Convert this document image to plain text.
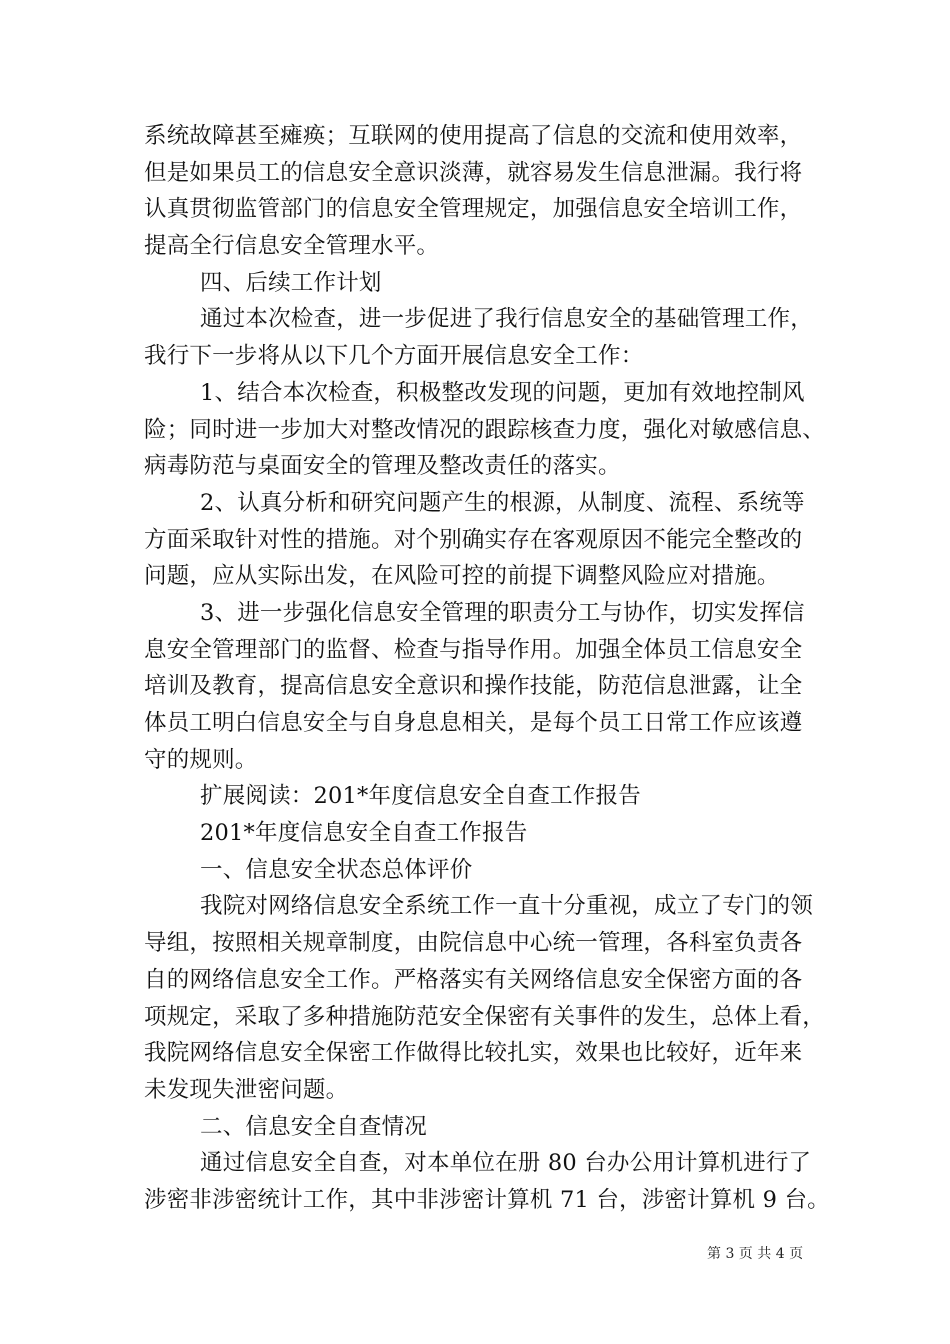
系统故障甚至瘫痪；互联网的使用提高了信息的交流和使用效率，
但是如果员工的信息安全意识淡薄，就容易发生信息泄漏。我行将
认真贯彻监管部门的信息安全管理规定，加强信息安全培训工作，
提高全行信息安全管理水平。
四、后续工作计划
通过本次检查，进一步促进了我行信息安全的基础管理工作，
我行下一步将从以下几个方面开展信息安全工作：
1、结合本次检查，积极整改发现的问题，更加有效地控制风
险；同时进一步加大对整改情况的跟踪核查力度，强化对敏感信息、
病毒防范与桌面安全的管理及整改责任的落实。
2、认真分析和研究问题产生的根源，从制度、流程、系统等
方面采取针对性的措施。对个别确实存在客观原因不能完全整改的
问题，应从实际出发，在风险可控的前提下调整风险应对措施。
3、进一步强化信息安全管理的职责分工与协作，切实发挥信
息安全管理部门的监督、检查与指导作用。加强全体员工信息安全
培训及教育，提高信息安全意识和操作技能，防范信息泄露，让全
体员工明白信息安全与自身息息相关，是每个员工日常工作应该遵
守的规则。
扩展阅读：201*年度信息安全自查工作报告
201*年度信息安全自查工作报告
一、信息安全状态总体评价
我院对网络信息安全系统工作一直十分重视，成立了专门的领
导组，按照相关规章制度，由院信息中心统一管理，各科室负责各
自的网络信息安全工作。严格落实有关网络信息安全保密方面的各
项规定，采取了多种措施防范安全保密有关事件的发生，总体上看，
我院网络信息安全保密工作做得比较扎实，效果也比较好，近年来
未发现失泄密问题。
二、信息安全自查情况
通过信息安全自查，对本单位在册 80 台办公用计算机进行了
涉密非涉密统计工作，其中非涉密计算机 71 台，涉密计算机 9 台。
第 3 页 共 4 页
